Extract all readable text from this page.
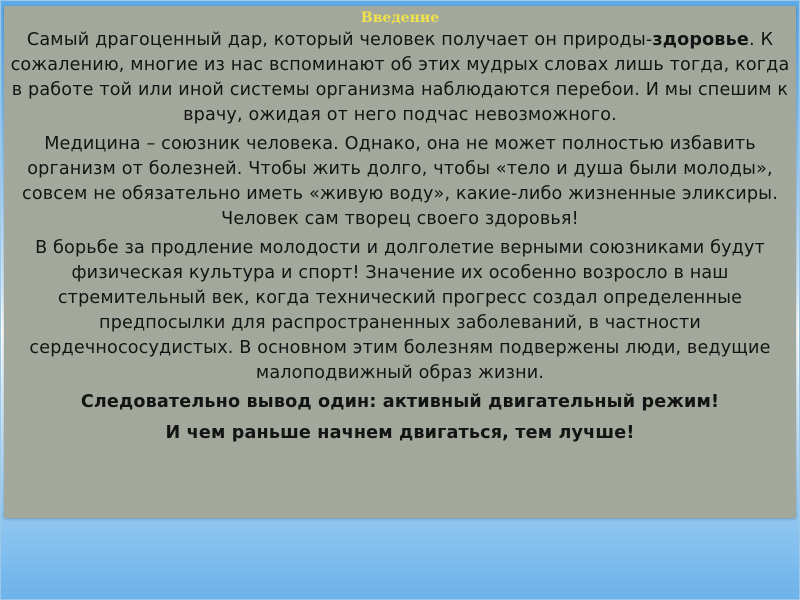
Введение

Самый драгоценный дар, который человек получает он природы-здоровье. К сожалению, многие из нас вспоминают об этих мудрых словах лишь тогда, когда в работе той или иной системы организма наблюдаются перебои. И мы спешим к врачу, ожидая от него подчас невозможного.

Медицина – союзник человека. Однако, она не может полностью избавить организм от болезней. Чтобы жить долго, чтобы «тело и душа были молоды», совсем не обязательно иметь «живую воду», какие-либо жизненные эликсиры. Человек сам творец своего здоровья!

В борьбе за продление молодости и долголетие верными союзниками будут физическая культура и спорт! Значение их особенно возросло в наш стремительный век, когда технический прогресс создал определенные предпосылки для распространенных заболеваний, в частности сердечнососудистых. В основном этим болезням подвержены люди, ведущие малоподвижный образ жизни.

Следовательно вывод один: активный двигательный режим!

И чем раньше начнем двигаться, тем лучше!
